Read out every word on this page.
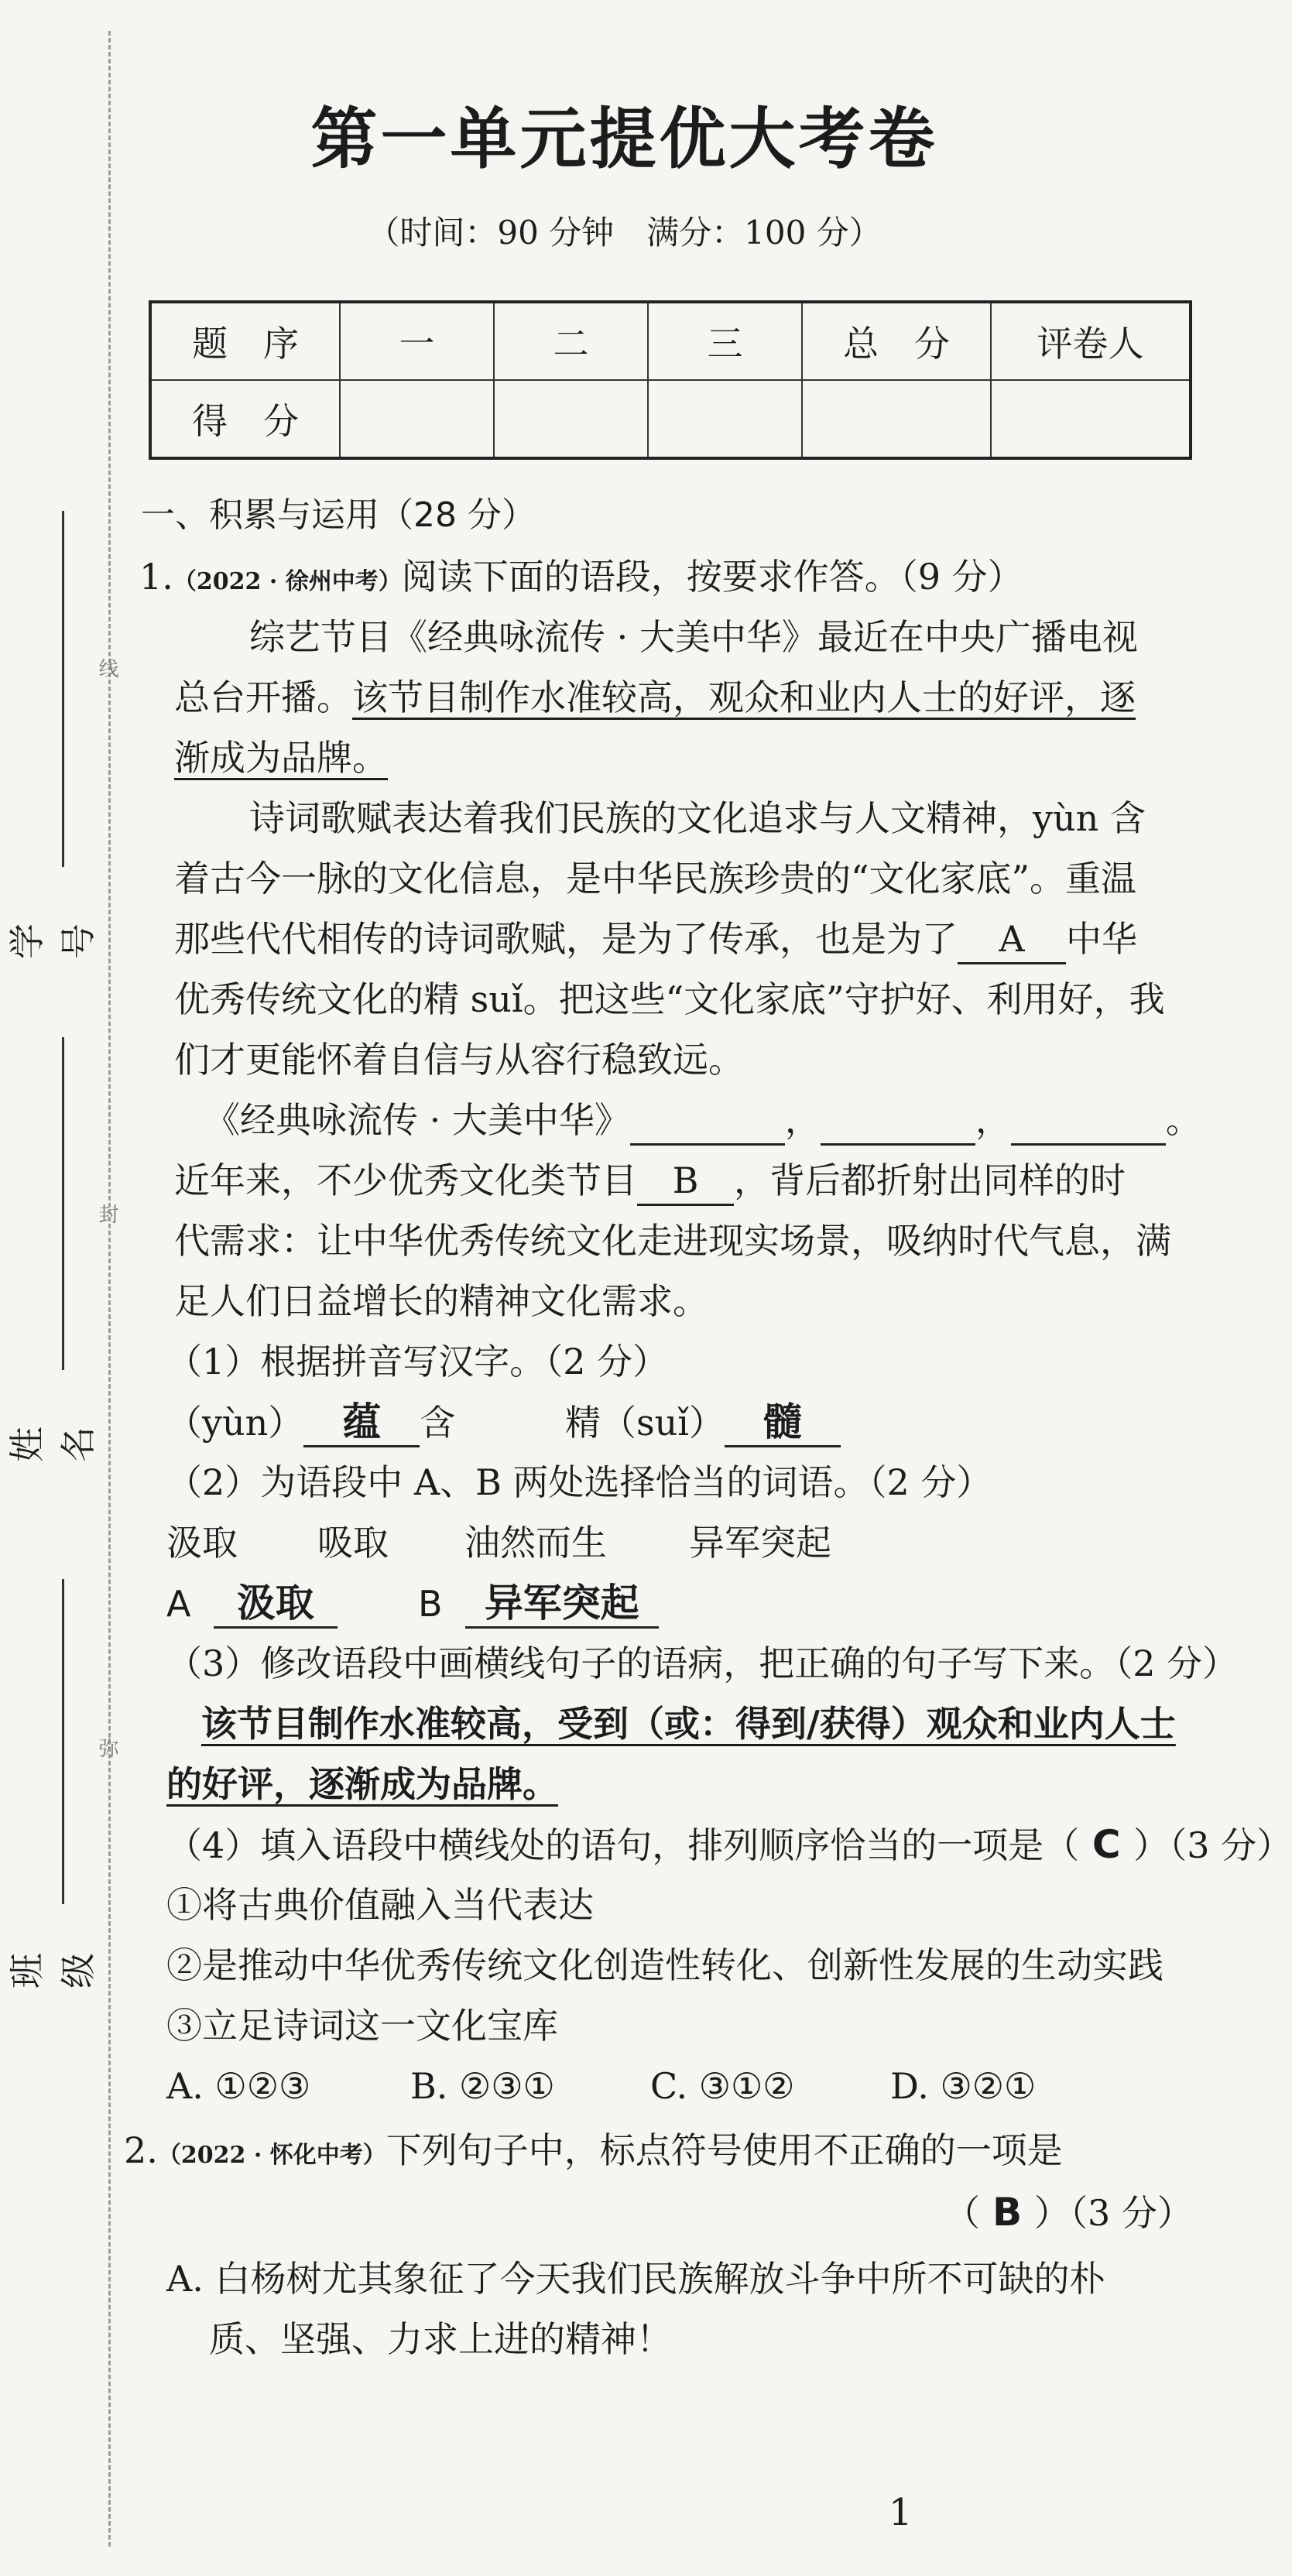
学号
姓名
班级
线
封
弥
第一单元提优大考卷
（时间：90 分钟　满分：100 分）
题　序	一	二	三	总　分	评卷人
得　分					
一、积累与运用（28 分）
1.（2022 · 徐州中考）阅读下面的语段，按要求作答。（9 分）
综艺节目《经典咏流传 · 大美中华》最近在中央广播电视
总台开播。该节目制作水准较高，观众和业内人士的好评，逐
渐成为品牌。
诗词歌赋表达着我们民族的文化追求与人文精神，yùn 含
着古今一脉的文化信息，是中华民族珍贵的“文化家底”。重温
那些代代相传的诗词歌赋，是为了传承，也是为了 A 中华
优秀传统文化的精 suǐ。把这些“文化家底”守护好、利用好，我
们才更能怀着自信与从容行稳致远。
《经典咏流传 · 大美中华》	，	，	。
近年来，不少优秀文化类节目 B ，背后都折射出同样的时
代需求：让中华优秀传统文化走进现实场景，吸纳时代气息，满
足人们日益增长的精神文化需求。
（1）根据拼音写汉字。（2 分）
（yùn） 蕴 含	精（suǐ） 髓
（2）为语段中 A、B 两处选择恰当的词语。（2 分）
汲取 吸取 油然而生 异军突起
A 汲取	B 异军突起
（3）修改语段中画横线句子的语病，把正确的句子写下来。（2 分）
该节目制作水准较高，受到（或：得到/获得）观众和业内人士
的好评，逐渐成为品牌。
（4）填入语段中横线处的语句，排列顺序恰当的一项是（ C ）（3 分）
①将古典价值融入当代表达
②是推动中华优秀传统文化创造性转化、创新性发展的生动实践
③立足诗词这一文化宝库
A. ①②③	B. ②③①	C. ③①②	D. ③②①
2.（2022 · 怀化中考）下列句子中，标点符号使用不正确的一项是
（ B ）（3 分）
A. 白杨树尤其象征了今天我们民族解放斗争中所不可缺的朴
质、坚强、力求上进的精神！
1
